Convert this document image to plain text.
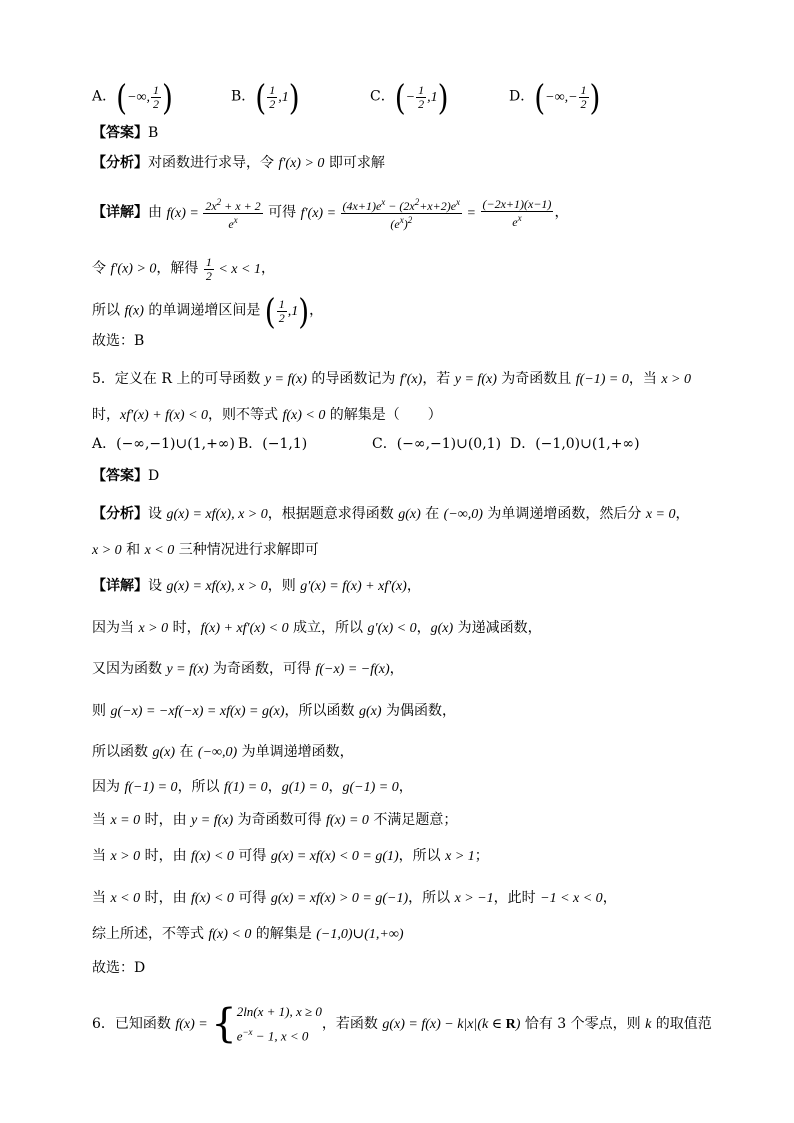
A．(−∞, $\frac{1}{2}$ )	B．( $\frac{1}{2} ,1$)	C．(− $\frac{1}{2} ,1$)	D．(−∞,− $\frac{1}{2}$ )
【答案】B
【分析】对函数进行求导，令 f′(x) > 0 即可求解
【详解】由 $f(x) = \frac{2x^2 + x + 2}{e^x}$ 可得 $f'(x) = \frac{(4x+1)e^x - (2x^2+x+2)e^x}{(e^x)^2} = \frac{(-2x+1)(x-1)}{e^x}$ ，
令 f′(x) > 0，解得 $\frac{1}{2} < x < 1$，
所以 f(x) 的单调递增区间是 ( $\frac{1}{2} ,1$)，
故选：B
5．定义在 R 上的可导函数 y = f(x) 的导函数记为 f′(x)，若 y = f(x) 为奇函数且 f(−1) = 0，当 x > 0
时，xf′(x) + f(x) < 0，则不等式 f(x) < 0 的解集是（　　）
A．(−∞,−1)∪(1,+∞) B．(−1,1)	C．(−∞,−1)∪(0,1) D．(−1,0)∪(1,+∞)
【答案】D
【分析】设 g(x) = xf(x), x > 0，根据题意求得函数 g(x) 在 (−∞,0) 为单调递增函数，然后分 x = 0，
x > 0 和 x < 0 三种情况进行求解即可
【详解】设 g(x) = xf(x), x > 0，则 g′(x) = f(x) + xf′(x)，
因为当 x > 0 时，f(x) + xf′(x) < 0 成立，所以 g′(x) < 0，g(x) 为递减函数，
又因为函数 y = f(x) 为奇函数，可得 f(−x) = −f(x)，
则 g(−x) = −xf(−x) = xf(x) = g(x)，所以函数 g(x) 为偶函数，
所以函数 g(x) 在 (−∞,0) 为单调递增函数，
因为 f(−1) = 0，所以 f(1) = 0，g(1) = 0，g(−1) = 0，
当 x = 0 时，由 y = f(x) 为奇函数可得 f(x) = 0 不满足题意；
当 x > 0 时，由 f(x) < 0 可得 g(x) = xf(x) < 0 = g(1)，所以 x > 1；
当 x < 0 时，由 f(x) < 0 可得 g(x) = xf(x) > 0 = g(−1)，所以 x > −1，此时 −1 < x < 0，
综上所述，不等式 f(x) < 0 的解集是 (−1,0)∪(1,+∞)
故选：D
6．已知函数 f(x) = { 2ln(x + 1), x ≥ 0
$e^{-x} - 1$, x < 0
，若函数 g(x) = f(x) − k|x|(k ∈ R) 恰有 3 个零点，则 k 的取值范
